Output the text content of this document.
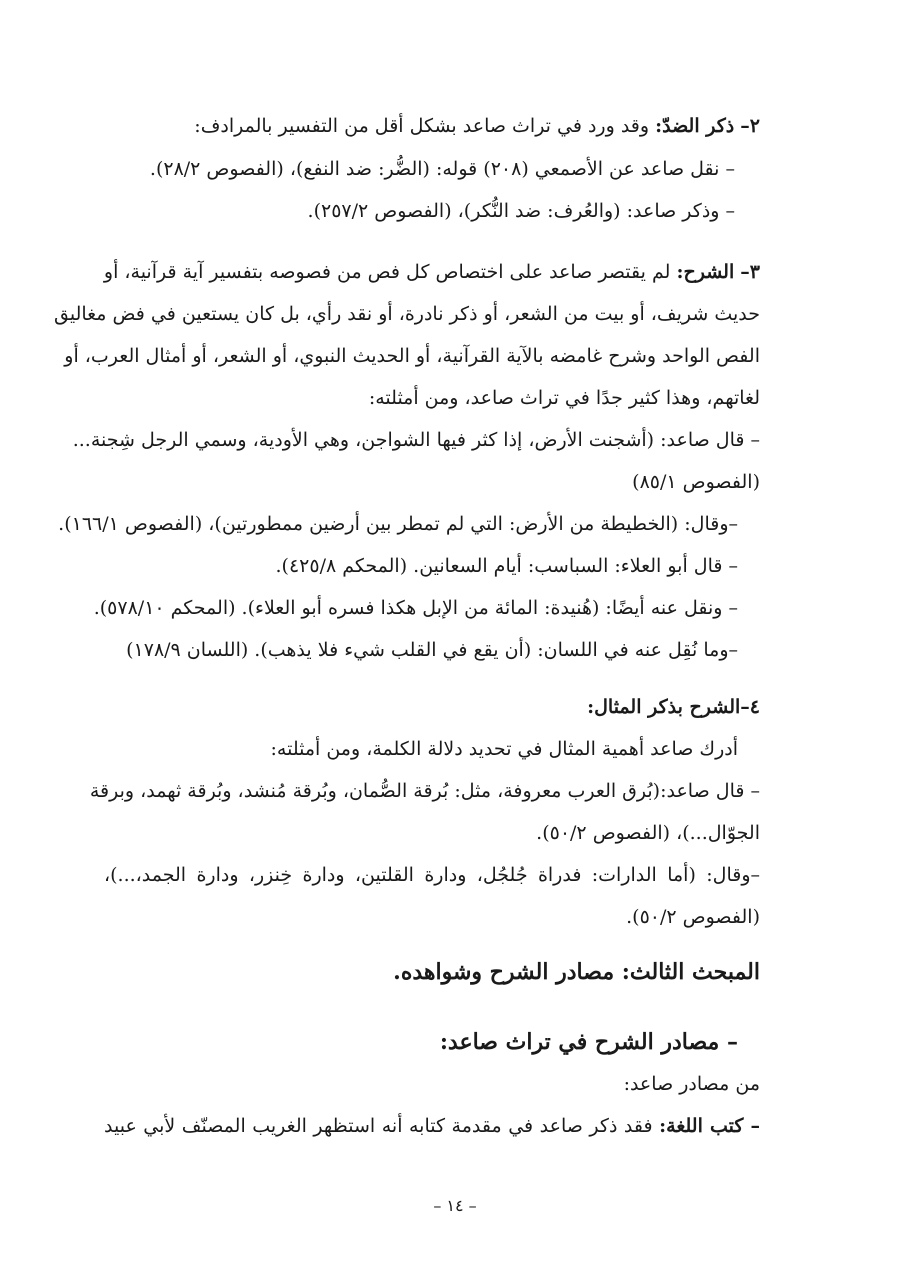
٢– ذكر الضدّ: وقد ورد في تراث صاعد بشكل أقل من التفسير بالمرادف:
– نقل صاعد عن الأصمعي (٢٠٨) قوله: (الضُّر: ضد النفع)، (الفصوص ٢٨/٢).
– وذكر صاعد: (والعُرف: ضد النُّكر)، (الفصوص ٢٥٧/٢).
٣– الشرح: لم يقتصر صاعد على اختصاص كل فص من فصوصه بتفسير آية قرآنية، أو
حديث شريف، أو بيت من الشعر، أو ذكر نادرة، أو نقد رأي، بل كان يستعين في فض مغاليق
الفص الواحد وشرح غامضه بالآية القرآنية، أو الحديث النبوي، أو الشعر، أو أمثال العرب، أو
لغاتهم، وهذا كثير جدًا في تراث صاعد، ومن أمثلته:
– قال صاعد: (أشجنت الأرض، إذا كثر فيها الشواجن، وهي الأودية، وسمي الرجل شِجنة...
(الفصوص ٨٥/١)
–وقال: (الخطيطة من الأرض: التي لم تمطر بين أرضين ممطورتين)، (الفصوص ١٦٦/١).
– قال أبو العلاء: السباسب: أيام السعانين. (المحكم ٤٢٥/٨).
– ونقل عنه أيضًا: (هُنيدة: المائة من الإبل هكذا فسره أبو العلاء). (المحكم ٥٧٨/١٠).
–وما نُقِل عنه في اللسان: (أن يقع في القلب شيء فلا يذهب). (اللسان ١٧٨/٩)
٤–الشرح بذكر المثال:
أدرك صاعد أهمية المثال في تحديد دلالة الكلمة، ومن أمثلته:
– قال صاعد:(بُرق العرب معروفة، مثل: بُرقة الصُّمان، وبُرقة مُنشد، وبُرقة ثهمد، وبرقة
الجوّال...)، (الفصوص ٥٠/٢).
–وقال: (أما الدارات: فدراة جُلجُل، ودارة القلتين، ودارة خِنزر، ودارة الجمد،...)،
(الفصوص ٥٠/٢).
المبحث الثالث: مصادر الشرح وشواهده.
– مصادر الشرح في تراث صاعد:
من مصادر صاعد:
– كتب اللغة: فقد ذكر صاعد في مقدمة كتابه أنه استظهر الغريب المصنّف لأبي عبيد
– ١٤ –
